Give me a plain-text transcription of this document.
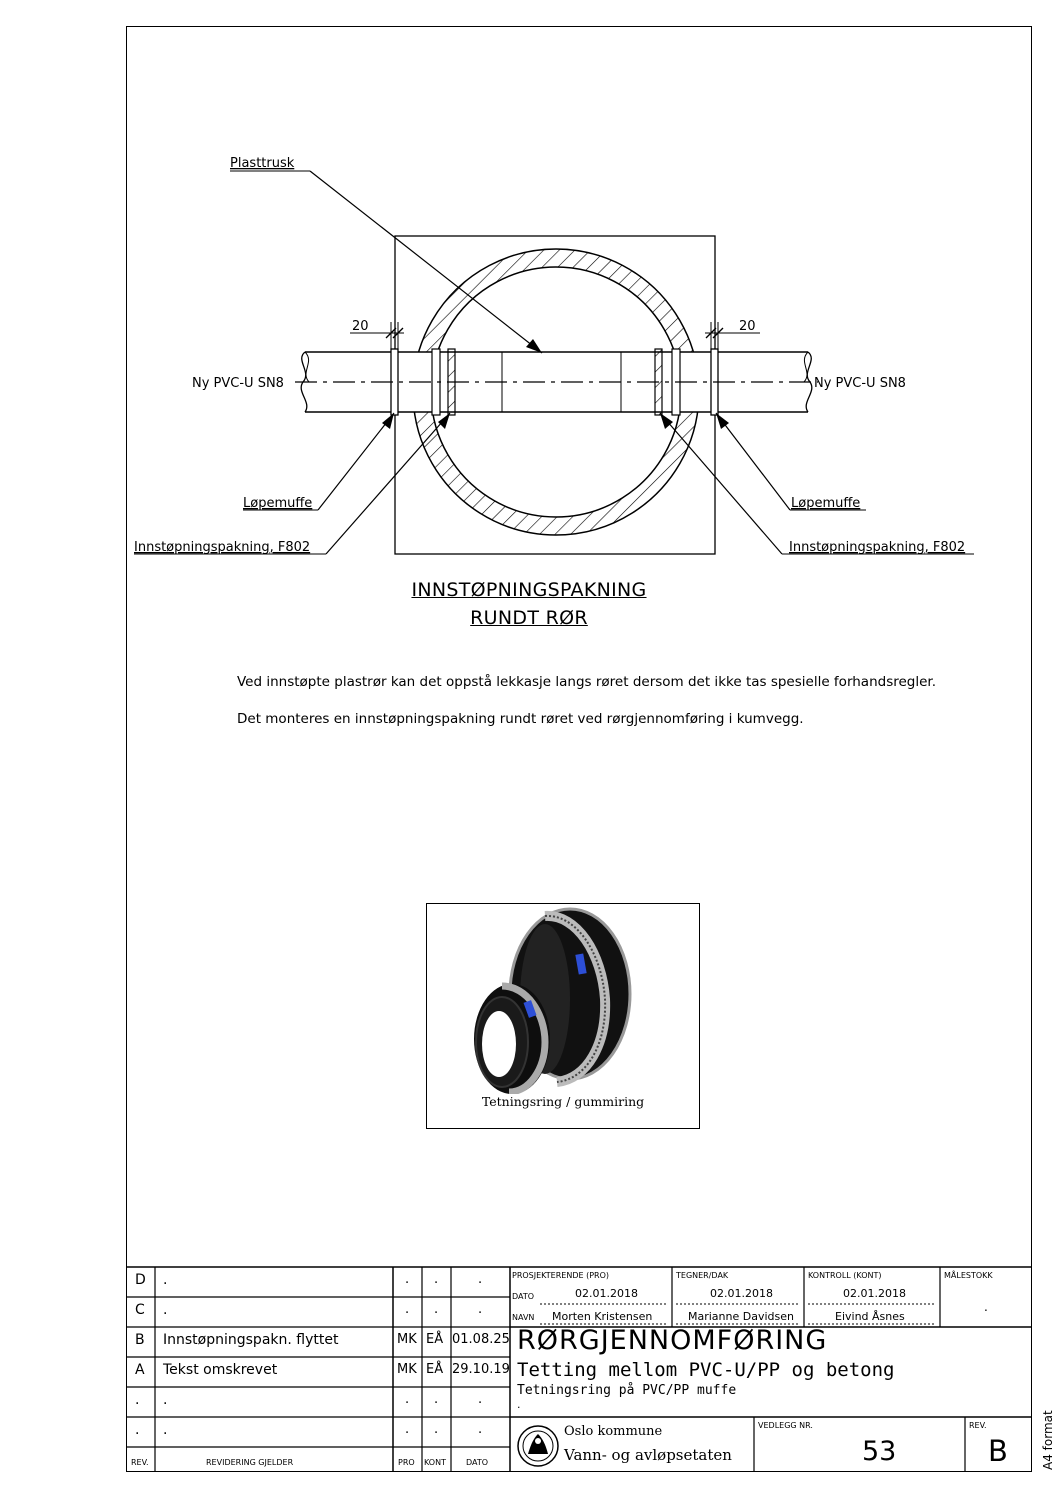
20	20
Plasttrusk
Ny PVC-U SN8	Ny PVC-U SN8
Løpemuffe
Innstøpningspakning, F802
Løpemuffe
Innstøpningspakning, F802
INNSTØPNINGSPAKNING
RUNDT RØR
Ved innstøpte plastrør kan det oppstå lekkasje langs røret dersom det ikke tas spesielle forhandsregler.
Det monteres en innstøpningspakning rundt røret ved rørgjennomføring i kumvegg.
Tetningsring / gummiring
D .	. .	.
C .	. .	.
B Innstøpningspakn. flyttet	MK EÅ 01.08.25
A Tekst omskrevet	MK EÅ 29.10.19
. .	. .	.
. .	. .	.
REV.	REVIDERING GJELDER	PRO KONT	DATO
PROSJEKTERENDE (PRO)	TEGNER/DAK	KONTROLL (KONT)	MÅLESTOKK
.
DATO
NAVN
02.01.2018	02.01.2018	02.01.2018
Morten Kristensen	Marianne Davidsen	Eivind Åsnes
RØRGJENNOMFØRING
Tetting mellom PVC-U/PP og betong
Tetningsring på PVC/PP muffe
.
Oslo kommune
Vann- og avløpsetaten
VEDLEGG NR.
53
REV.
B	A4 format
